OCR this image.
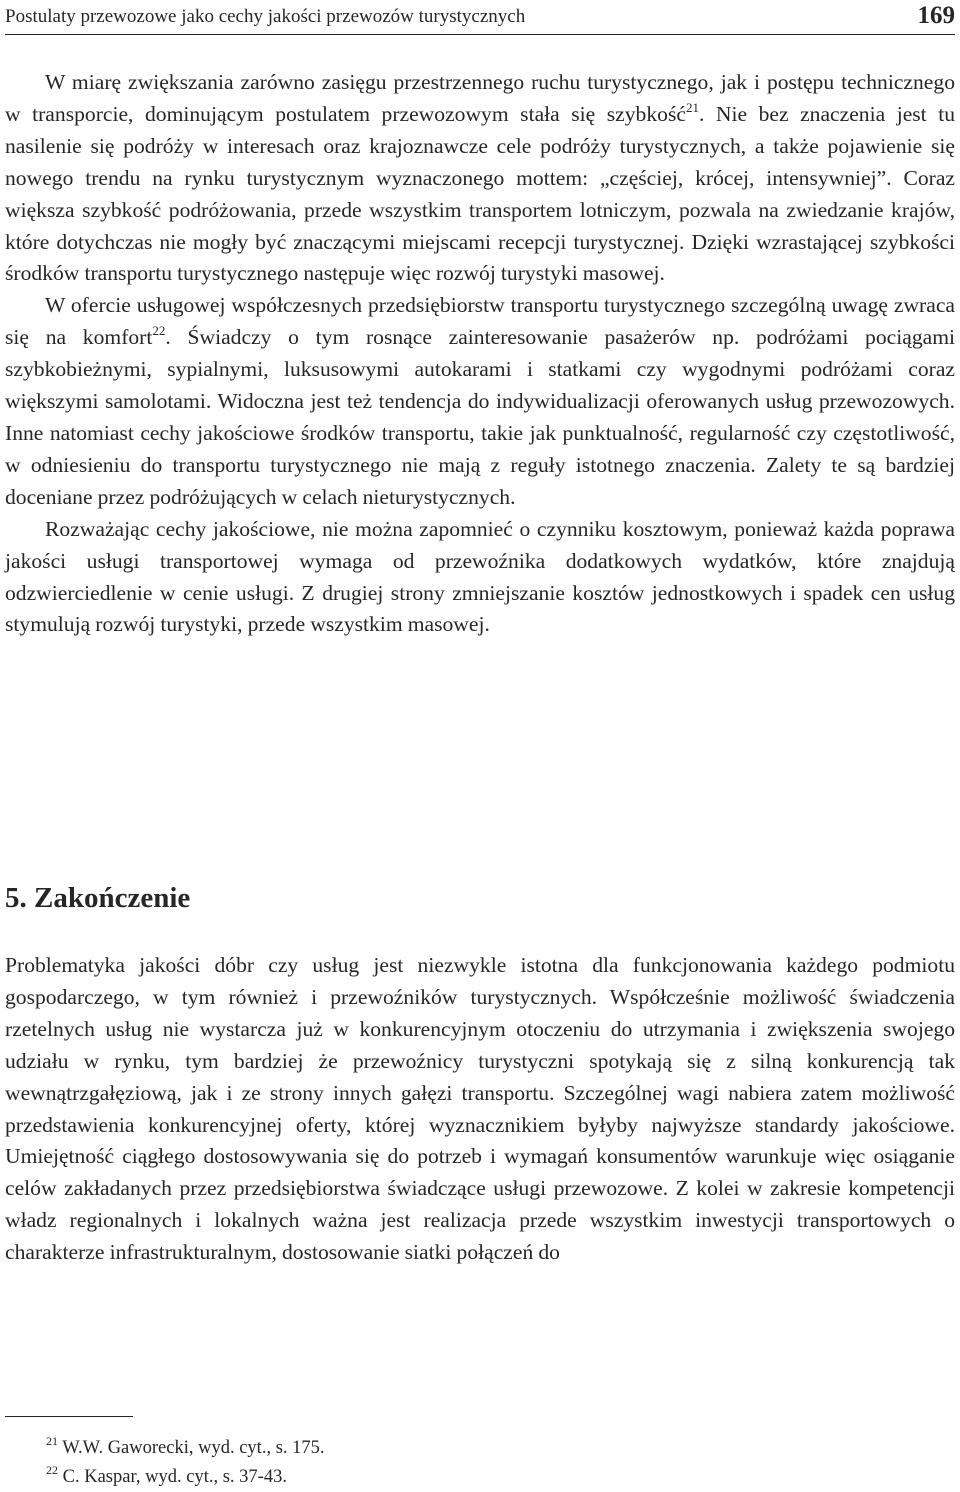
Postulaty przewozowe jako cechy jakości przewozów turystycznych	169

W miarę zwiększania zarówno zasięgu przestrzennego ruchu turystycznego, jak i postępu technicznego w transporcie, dominującym postulatem przewozowym stała się szybkość$^{21}$. Nie bez znaczenia jest tu nasilenie się podróży w interesach oraz krajoznawcze cele podróży turystycznych, a także pojawienie się nowego trendu na rynku turystycznym wyznaczonego mottem: „częściej, krócej, intensywniej”. Coraz większa szybkość podróżowania, przede wszystkim transportem lotniczym, pozwala na zwiedzanie krajów, które dotychczas nie mogły być znaczącymi miejscami recepcji turystycznej. Dzięki wzrastającej szybkości środków transportu turystycznego następuje więc rozwój turystyki masowej.

W ofercie usługowej współczesnych przedsiębiorstw transportu turystycznego szczególną uwagę zwraca się na komfort$^{22}$. Świadczy o tym rosnące zainteresowanie pasażerów np. podróżami pociągami szybkobieżnymi, sypialnymi, luksusowymi autokarami i statkami czy wygodnymi podróżami coraz większymi samolotami. Widoczna jest też tendencja do indywidualizacji oferowanych usług przewozowych. Inne natomiast cechy jakościowe środków transportu, takie jak punktualność, regularność czy częstotliwość, w odniesieniu do transportu turystycznego nie mają z reguły istotnego znaczenia. Zalety te są bardziej doceniane przez podróżujących w celach nieturystycznych.

Rozważając cechy jakościowe, nie można zapomnieć o czynniku kosztowym, ponieważ każda poprawa jakości usługi transportowej wymaga od przewoźnika dodatkowych wydatków, które znajdują odzwierciedlenie w cenie usługi. Z drugiej strony zmniejszanie kosztów jednostkowych i spadek cen usług stymulują rozwój turystyki, przede wszystkim masowej.

5. Zakończenie

Problematyka jakości dóbr czy usług jest niezwykle istotna dla funkcjonowania każdego podmiotu gospodarczego, w tym również i przewoźników turystycznych. Współcześnie możliwość świadczenia rzetelnych usług nie wystarcza już w konkurencyjnym otoczeniu do utrzymania i zwiększenia swojego udziału w rynku, tym bardziej że przewoźnicy turystyczni spotykają się z silną konkurencją tak wewnątrzgałęziową, jak i ze strony innych gałęzi transportu. Szczególnej wagi nabiera zatem możliwość przedstawienia konkurencyjnej oferty, której wyznacznikiem byłyby najwyższe standardy jakościowe. Umiejętność ciągłego dostosowywania się do potrzeb i wymagań konsumentów warunkuje więc osiąganie celów zakładanych przez przedsiębiorstwa świadczące usługi przewozowe. Z kolei w zakresie kompetencji władz regionalnych i lokalnych ważna jest realizacja przede wszystkim inwestycji transportowych o charakterze infrastrukturalnym, dostosowanie siatki połączeń do

$^{21}$ W.W. Gaworecki, wyd. cyt., s. 175.
$^{22}$ C. Kaspar, wyd. cyt., s. 37-43.
